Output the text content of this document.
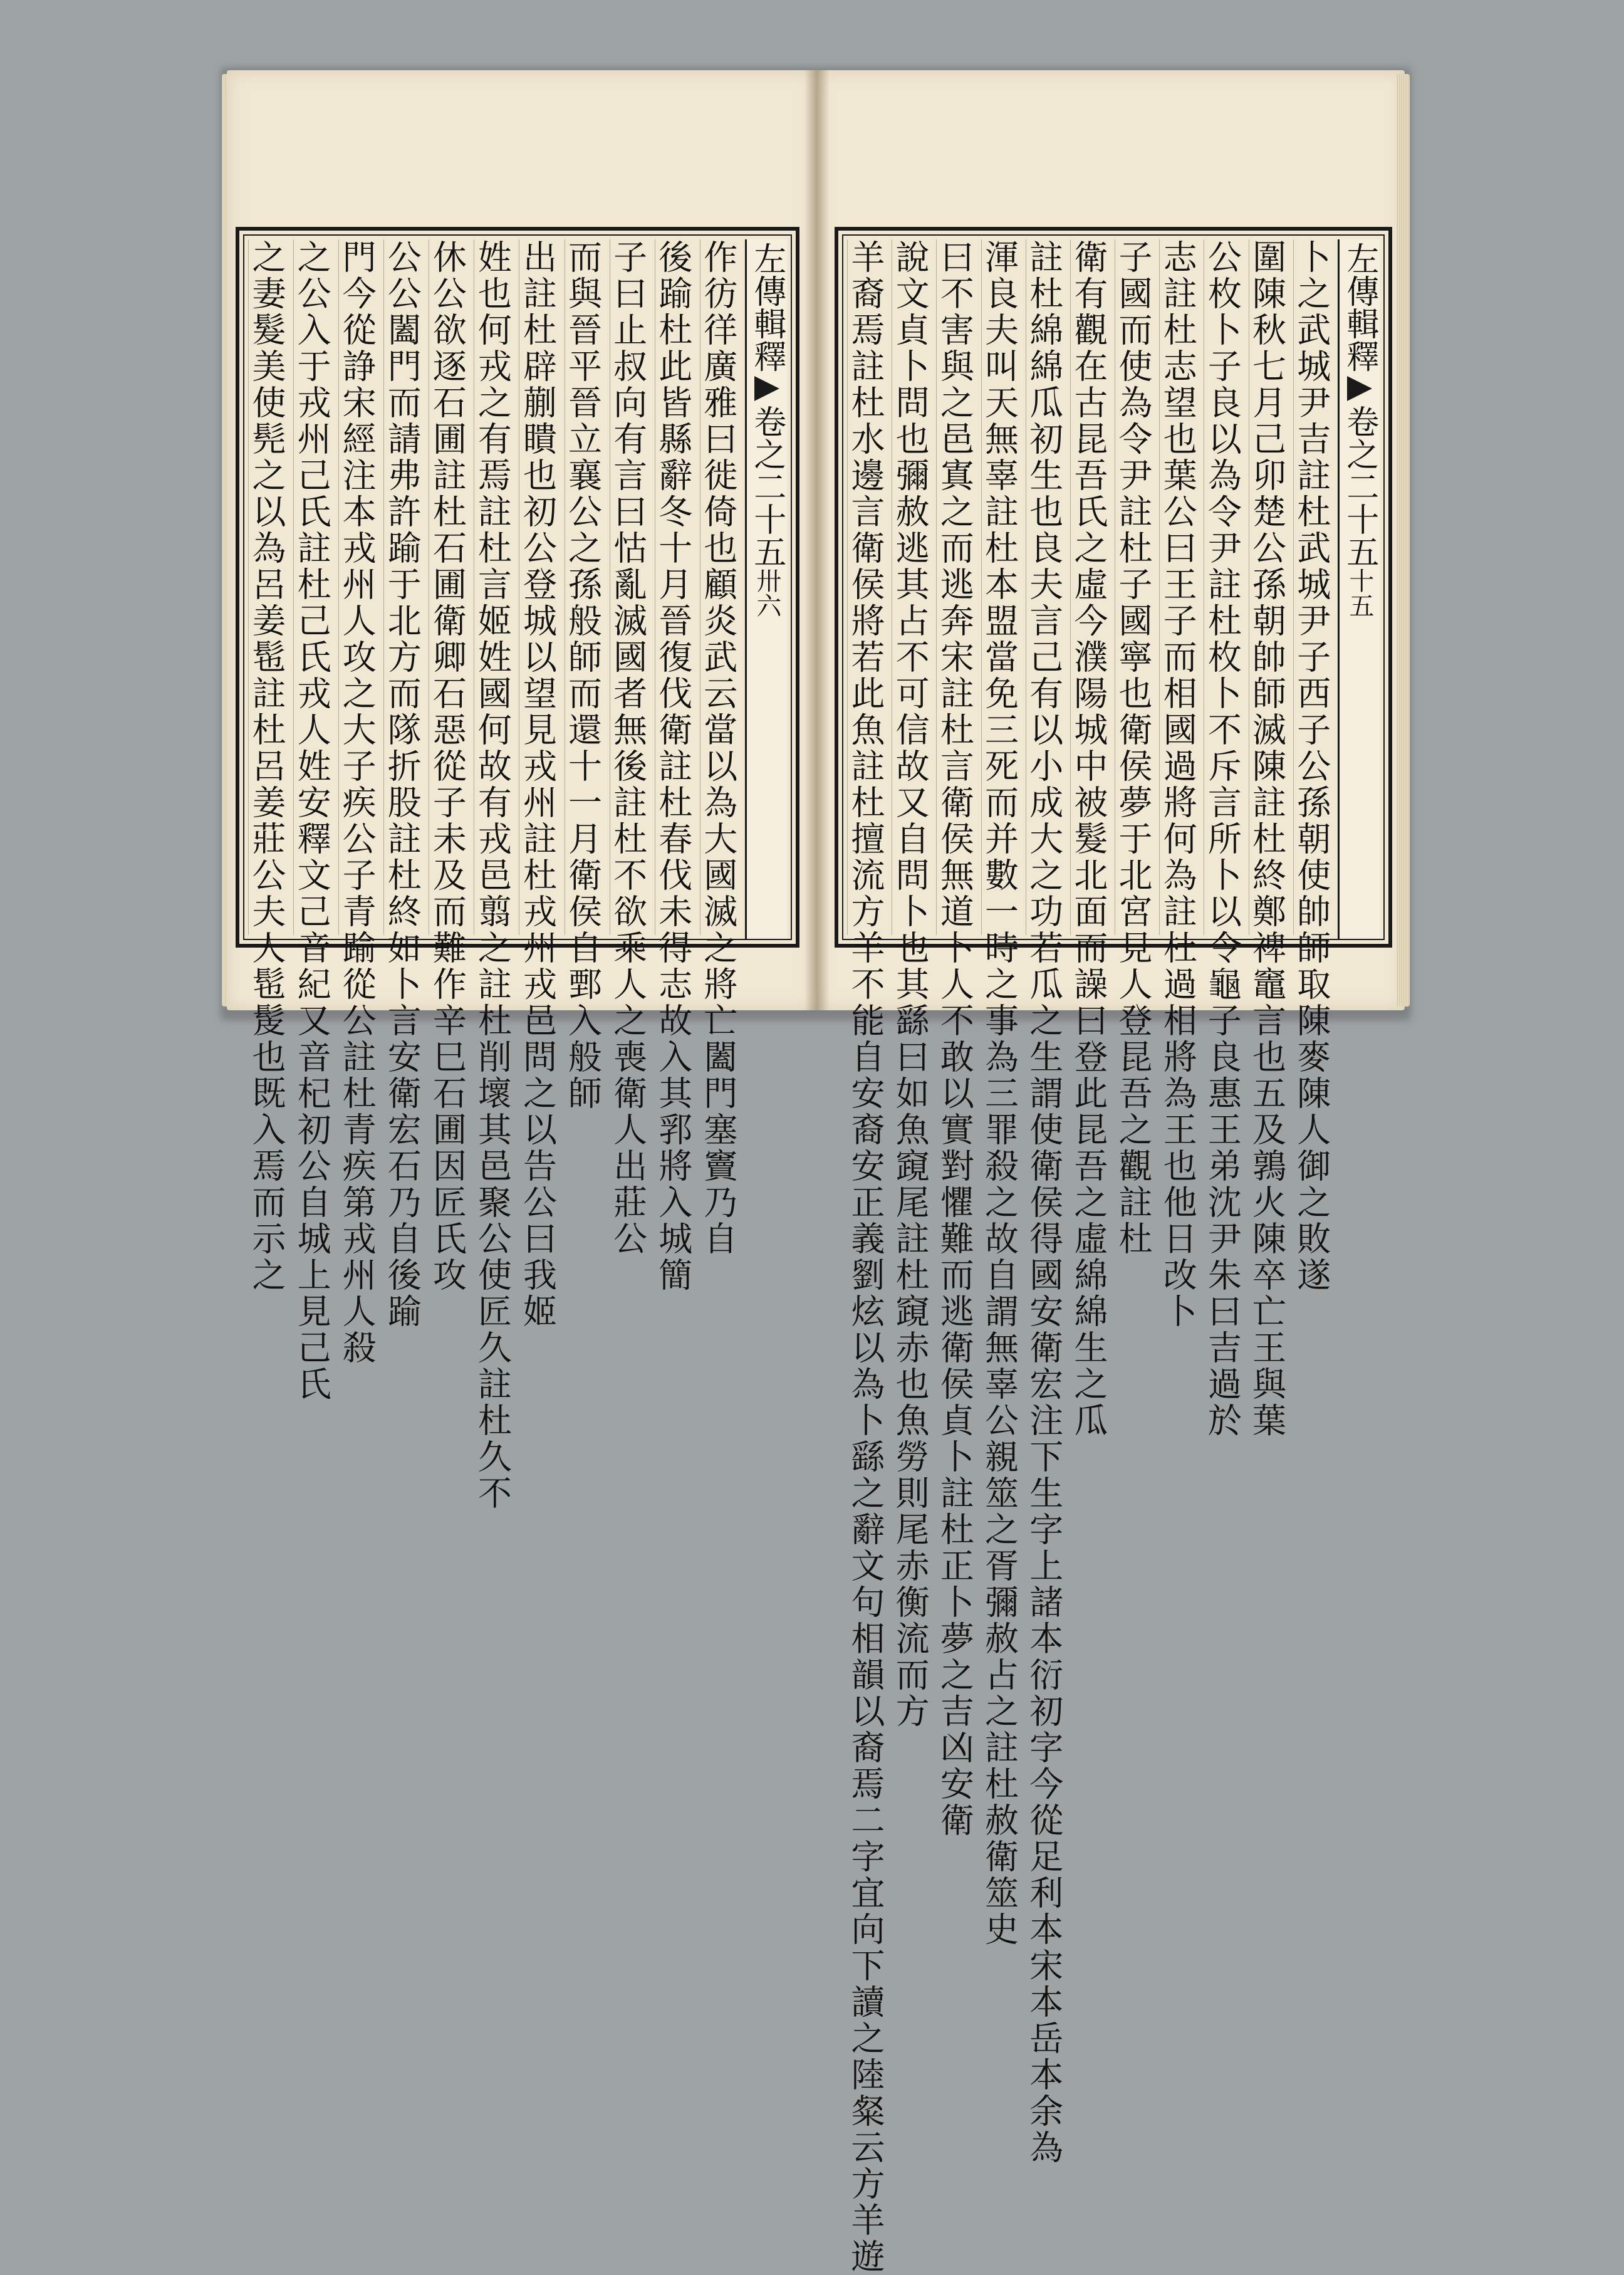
左傳輯釋卷之二十五卅六
作彷徉廣雅曰徙倚也顧炎武云當以為大國滅之將亡闔門塞竇乃自
後踰杜此皆縣辭冬十月晉復伐衛註杜春伐未得志故入其郛將入城簡
子曰止叔向有言曰怙亂滅國者無後註杜不欲乘人之喪衛人出莊公
而與晉平晉立襄公之孫般師而還十一月衛侯自鄄入般師
出註杜辟蒯瞶也初公登城以望見戎州註杜戎州戎邑問之以告公曰我姬
姓也何戎之有焉註杜言姬姓國何故有戎邑翦之註杜削壞其邑聚公使匠久註杜久不
休公欲逐石圃註杜石圃衛卿石惡從子未及而難作辛巳石圃因匠氏攻
公公闔門而請弗許踰于北方而隊折股註杜終如卜言安衛宏石乃自後踰
門今從諍宋經注本戎州人攻之大子疾公子青踰從公註杜青疾第戎州人殺
之公入于戎州己氏註杜己氏戎人姓安釋文己音紀又音杞初公自城上見己氏
之妻髮美使髡之以為呂姜髢註杜呂姜莊公夫人髢髲也既入焉而示之	左傳輯釋卷之二十五十五
卜之武城尹吉註杜武城尹子西子公孫朝使帥師取陳麥陳人御之敗遂
圍陳秋七月己卯楚公孫朝帥師滅陳註杜終鄭禆竈言也五及鶉火陳卒亡王與葉
公枚卜子良以為令尹註杜枚卜不斥言所卜以令龜子良惠王弟沈尹朱曰吉過於
志註杜志望也葉公曰王子而相國過將何為註杜過相將為王也他日改卜
子國而使為令尹註杜子國寧也衛侯夢于北宮見人登昆吾之觀註杜
衛有觀在古昆吾氏之虛今濮陽城中被髮北面而譟曰登此昆吾之虛綿綿生之瓜
註杜綿綿瓜初生也良夫言己有以小成大之功若瓜之生謂使衛侯得國安衛宏注下生字上諸本衍初字今從足利本宋本岳本余為
渾良夫叫天無辜註杜本盟當免三死而并數一時之事為三罪殺之故自謂無辜公親筮之胥彌赦占之註杜赦衛筮史
曰不害與之邑寘之而逃奔宋註杜言衛侯無道卜人不敢以實對懼難而逃衛侯貞卜註杜正卜夢之吉凶安衛
說文貞卜問也彌赦逃其占不可信故又自問卜也其繇曰如魚竀尾註杜竀赤也魚勞則尾赤衡流而方
羊裔焉註杜水邊言衛侯將若此魚註杜擅流方羊不能自安裔安正義劉炫以為卜繇之辭文句相韻以裔焉二字宜向下讀之陸粲云方羊遊
